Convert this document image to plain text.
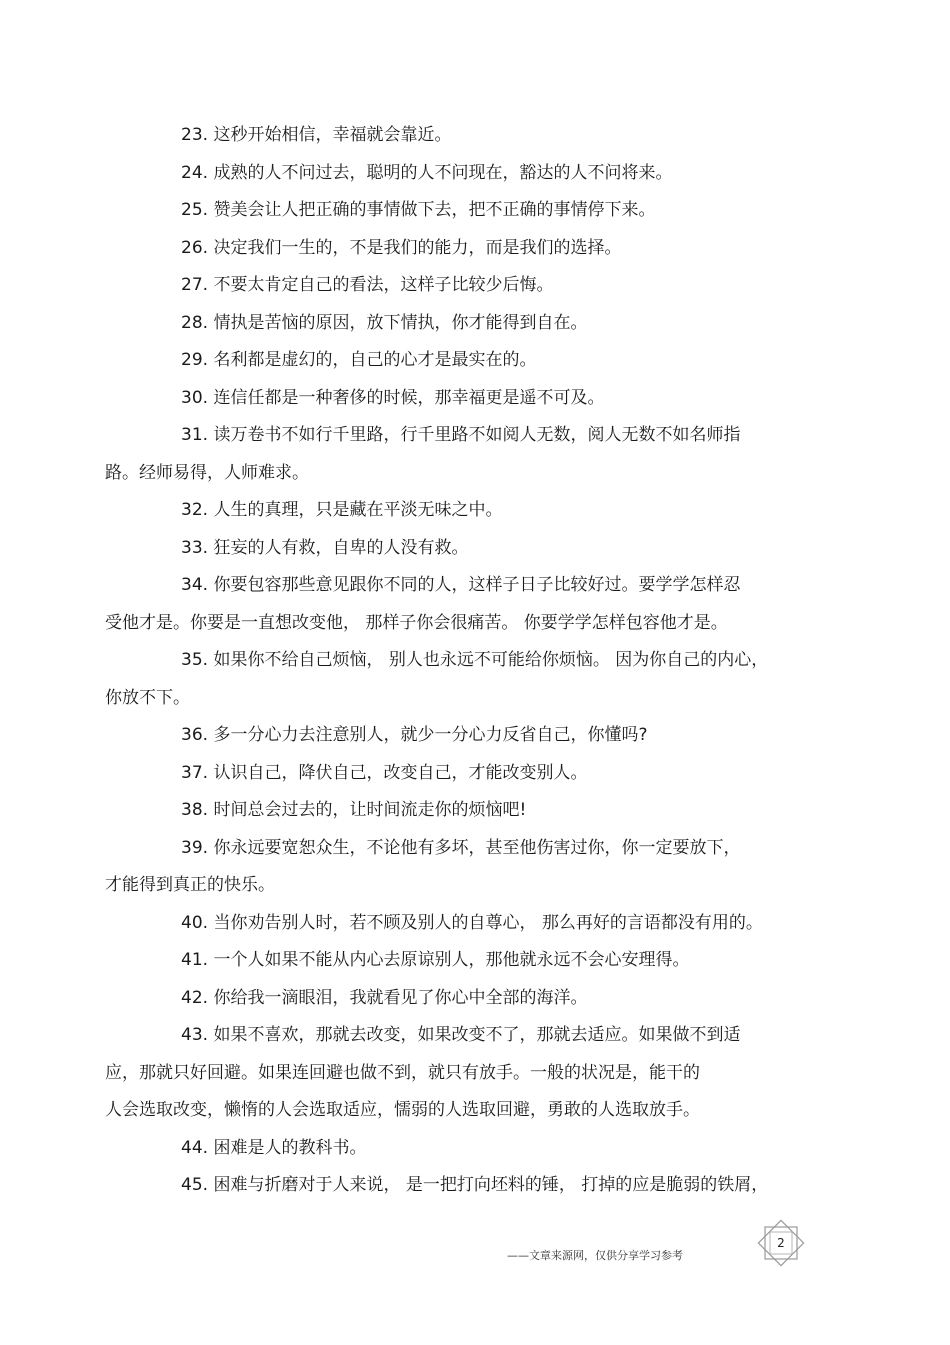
23. 这秒开始相信，幸福就会靠近。

24. 成熟的人不问过去，聪明的人不问现在，豁达的人不问将来。

25. 赞美会让人把正确的事情做下去，把不正确的事情停下来。

26. 决定我们一生的，不是我们的能力，而是我们的选择。

27. 不要太肯定自己的看法，这样子比较少后悔。

28. 情执是苦恼的原因，放下情执，你才能得到自在。

29. 名利都是虚幻的，自己的心才是最实在的。

30. 连信任都是一种奢侈的时候，那幸福更是遥不可及。

31. 读万卷书不如行千里路，行千里路不如阅人无数，阅人无数不如名师指
路。经师易得，人师难求。

32. 人生的真理，只是藏在平淡无味之中。

33. 狂妄的人有救，自卑的人没有救。

34. 你要包容那些意见跟你不同的人，这样子日子比较好过。要学学怎样忍
受他才是。你要是一直想改变他， 那样子你会很痛苦。 你要学学怎样包容他才是。

35. 如果你不给自己烦恼， 别人也永远不可能给你烦恼。 因为你自己的内心，
你放不下。

36. 多一分心力去注意别人，就少一分心力反省自己，你懂吗?

37. 认识自己，降伏自己，改变自己，才能改变别人。

38. 时间总会过去的，让时间流走你的烦恼吧!

39. 你永远要宽恕众生，不论他有多坏，甚至他伤害过你，你一定要放下，
才能得到真正的快乐。

40. 当你劝告别人时，若不顾及别人的自尊心， 那么再好的言语都没有用的。

41. 一个人如果不能从内心去原谅别人，那他就永远不会心安理得。

42. 你给我一滴眼泪，我就看见了你心中全部的海洋。

43. 如果不喜欢，那就去改变，如果改变不了，那就去适应。如果做不到适
应，那就只好回避。如果连回避也做不到，就只有放手。一般的状况是，能干的
人会选取改变，懒惰的人会选取适应，懦弱的人选取回避，勇敢的人选取放手。

44. 困难是人的教科书。

45. 困难与折磨对于人来说， 是一把打向坯料的锤， 打掉的应是脆弱的铁屑，

——文章来源网，仅供分享学习参考
2
